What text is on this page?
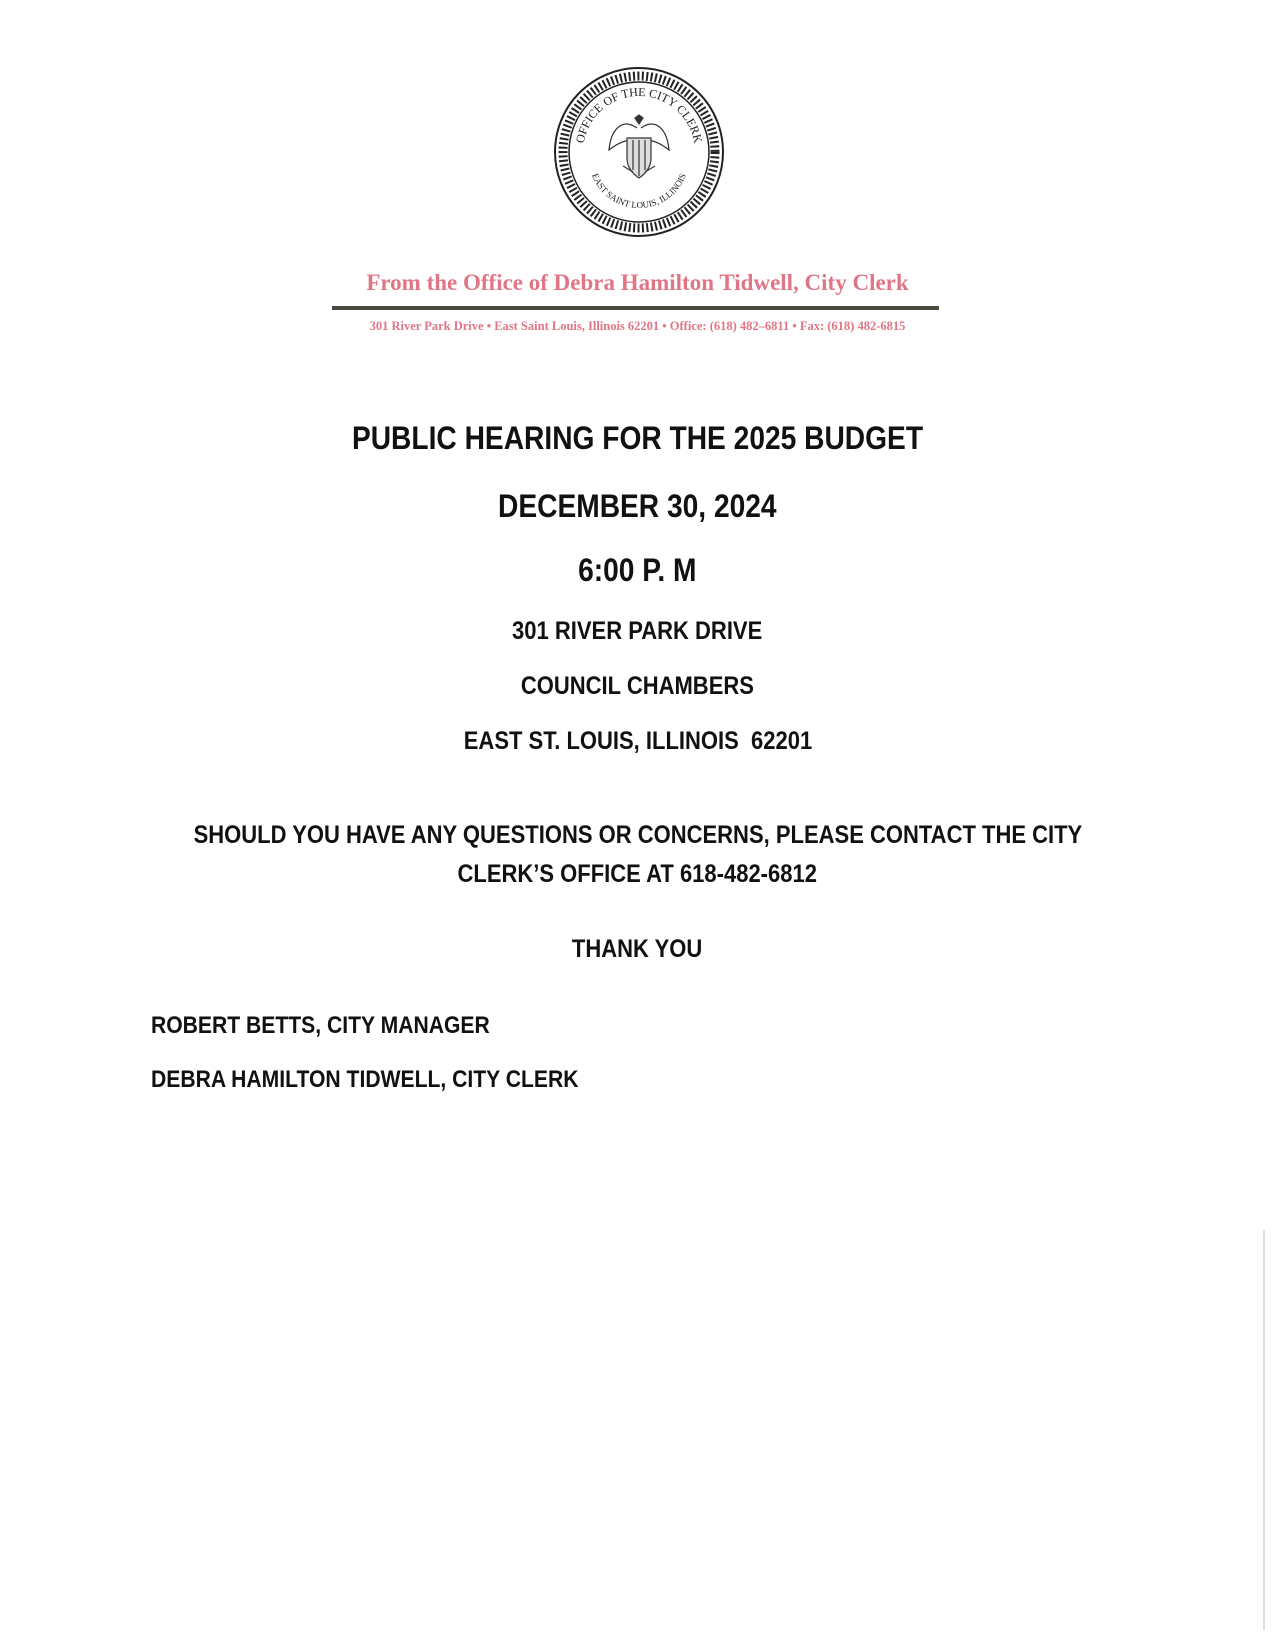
OFFICE OF THE CITY CLERK
EAST SAINT LOUIS, ILLINOIS
From the Office of Debra Hamilton Tidwell, City Clerk
301 River Park Drive • East Saint Louis, Illinois 62201 • Office: (618) 482–6811 • Fax: (618) 482-6815
PUBLIC HEARING FOR THE 2025 BUDGET
DECEMBER 30, 2024
6:00 P. M
301 RIVER PARK DRIVE
COUNCIL CHAMBERS
EAST ST. LOUIS, ILLINOIS  62201
SHOULD YOU HAVE ANY QUESTIONS OR CONCERNS, PLEASE CONTACT THE CITY
CLERK’S OFFICE AT 618-482-6812
THANK YOU
ROBERT BETTS, CITY MANAGER
DEBRA HAMILTON TIDWELL, CITY CLERK
